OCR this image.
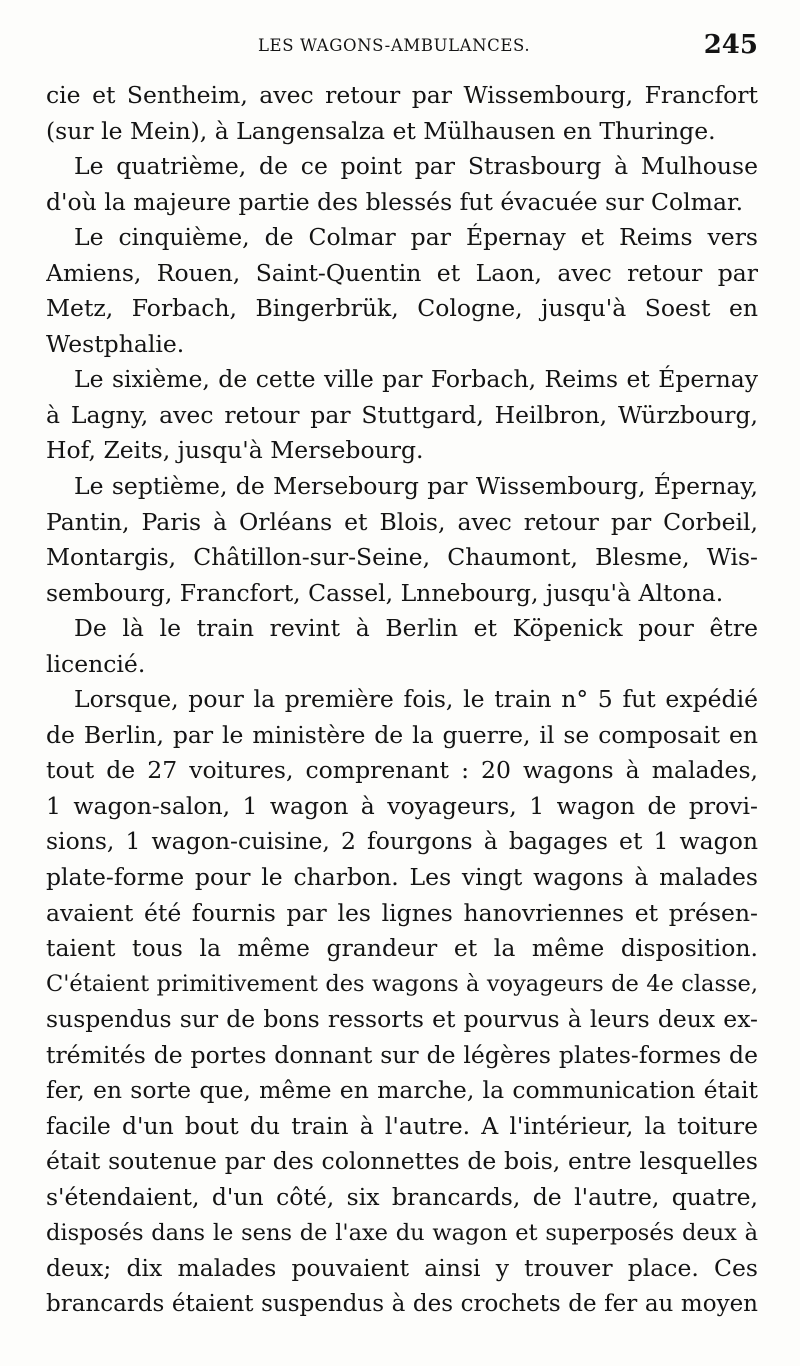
LES WAGONS-AMBULANCES.	245
cie et Sentheim, avec retour par Wissembourg, Francfort
(sur le Mein), à Langensalza et Mülhausen en Thuringe.
Le quatrième, de ce point par Strasbourg à Mulhouse
d'où la majeure partie des blessés fut évacuée sur Colmar.
Le cinquième, de Colmar par Épernay et Reims vers
Amiens, Rouen, Saint-Quentin et Laon, avec retour par
Metz, Forbach, Bingerbrük, Cologne, jusqu'à Soest en
Westphalie.
Le sixième, de cette ville par Forbach, Reims et Épernay
à Lagny, avec retour par Stuttgard, Heilbron, Würzbourg,
Hof, Zeits, jusqu'à Mersebourg.
Le septième, de Mersebourg par Wissembourg, Épernay,
Pantin, Paris à Orléans et Blois, avec retour par Corbeil,
Montargis, Châtillon-sur-Seine, Chaumont, Blesme, Wis-
sembourg, Francfort, Cassel, Lnnebourg, jusqu'à Altona.
De là le train revint à Berlin et Köpenick pour être
licencié.
Lorsque, pour la première fois, le train n° 5 fut expédié
de Berlin, par le ministère de la guerre, il se composait en
tout de 27 voitures, comprenant : 20 wagons à malades,
1 wagon-salon, 1 wagon à voyageurs, 1 wagon de provi-
sions, 1 wagon-cuisine, 2 fourgons à bagages et 1 wagon
plate-forme pour le charbon. Les vingt wagons à malades
avaient été fournis par les lignes hanovriennes et présen-
taient tous la même grandeur et la même disposition.
C'étaient primitivement des wagons à voyageurs de 4e classe,
suspendus sur de bons ressorts et pourvus à leurs deux ex-
trémités de portes donnant sur de légères plates-formes de
fer, en sorte que, même en marche, la communication était
facile d'un bout du train à l'autre. A l'intérieur, la toiture
était soutenue par des colonnettes de bois, entre lesquelles
s'étendaient, d'un côté, six brancards, de l'autre, quatre,
disposés dans le sens de l'axe du wagon et superposés deux à
deux; dix malades pouvaient ainsi y trouver place. Ces
brancards étaient suspendus à des crochets de fer au moyen
